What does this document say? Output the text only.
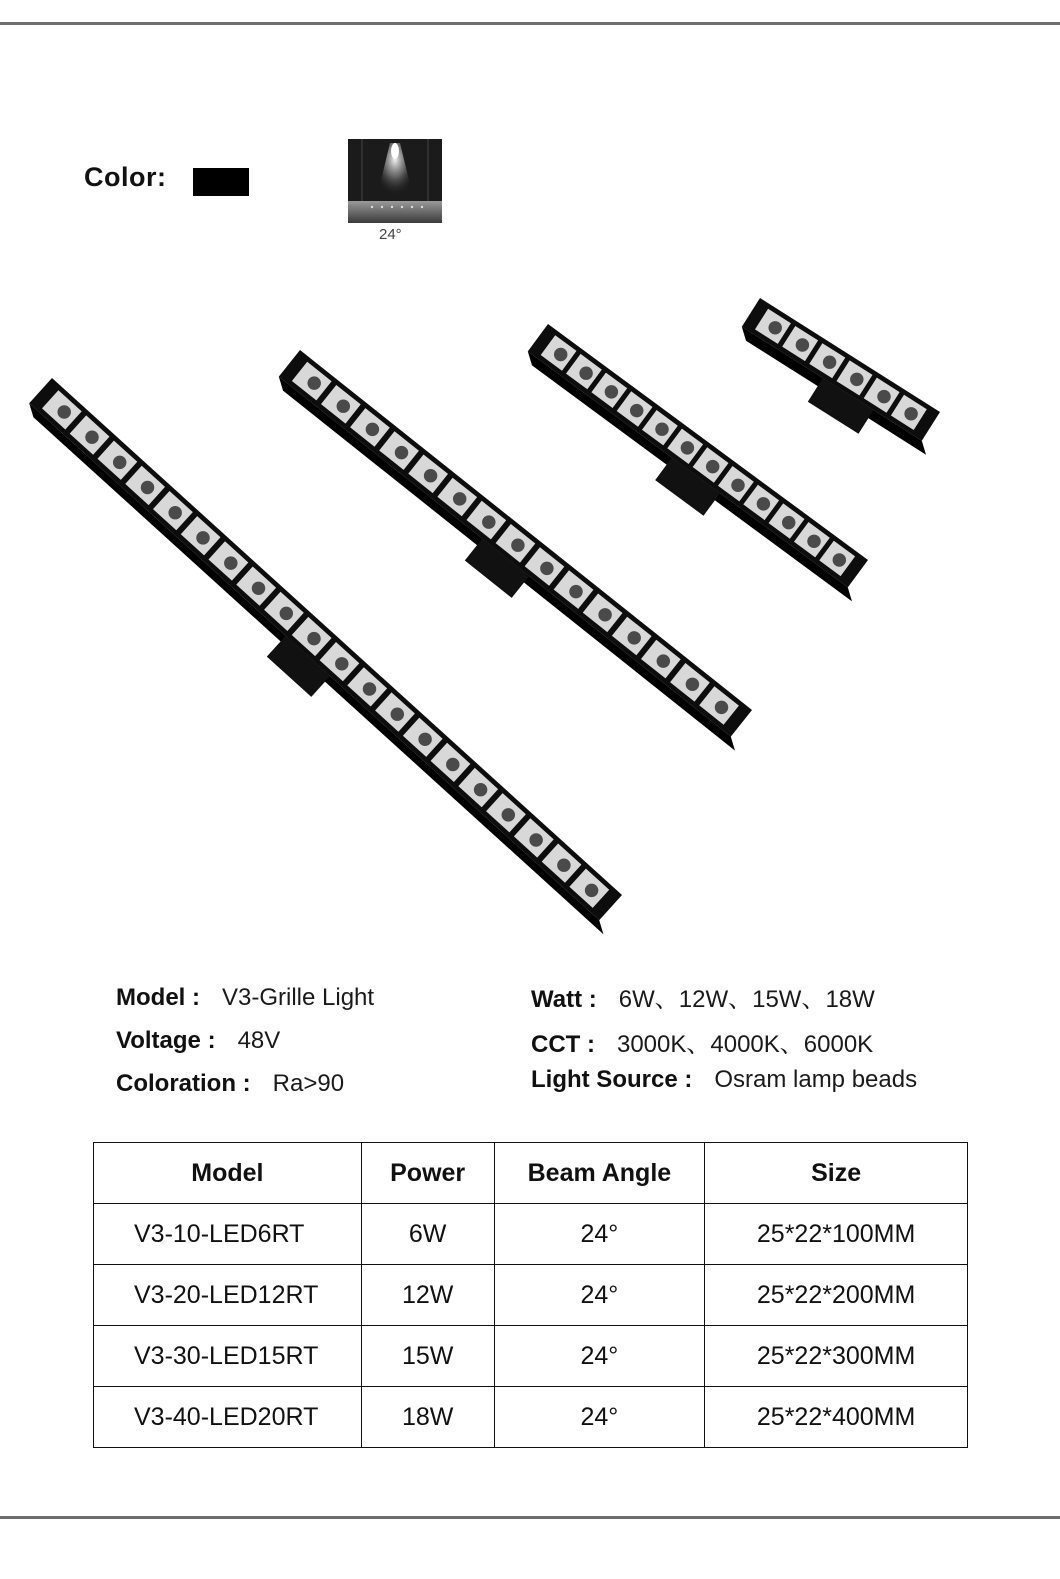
Color:
24°
Model : V3-Grille Light
Voltage : 48V
Coloration : Ra>90
Watt : 6W、12W、15W、18W
CCT : 3000K、4000K、6000K
Light Source : Osram lamp beads
Model	Power	Beam Angle	Size
V3-10-LED6RT	6W	24°	25*22*100MM
V3-20-LED12RT	12W	24°	25*22*200MM
V3-30-LED15RT	15W	24°	25*22*300MM
V3-40-LED20RT	18W	24°	25*22*400MM
